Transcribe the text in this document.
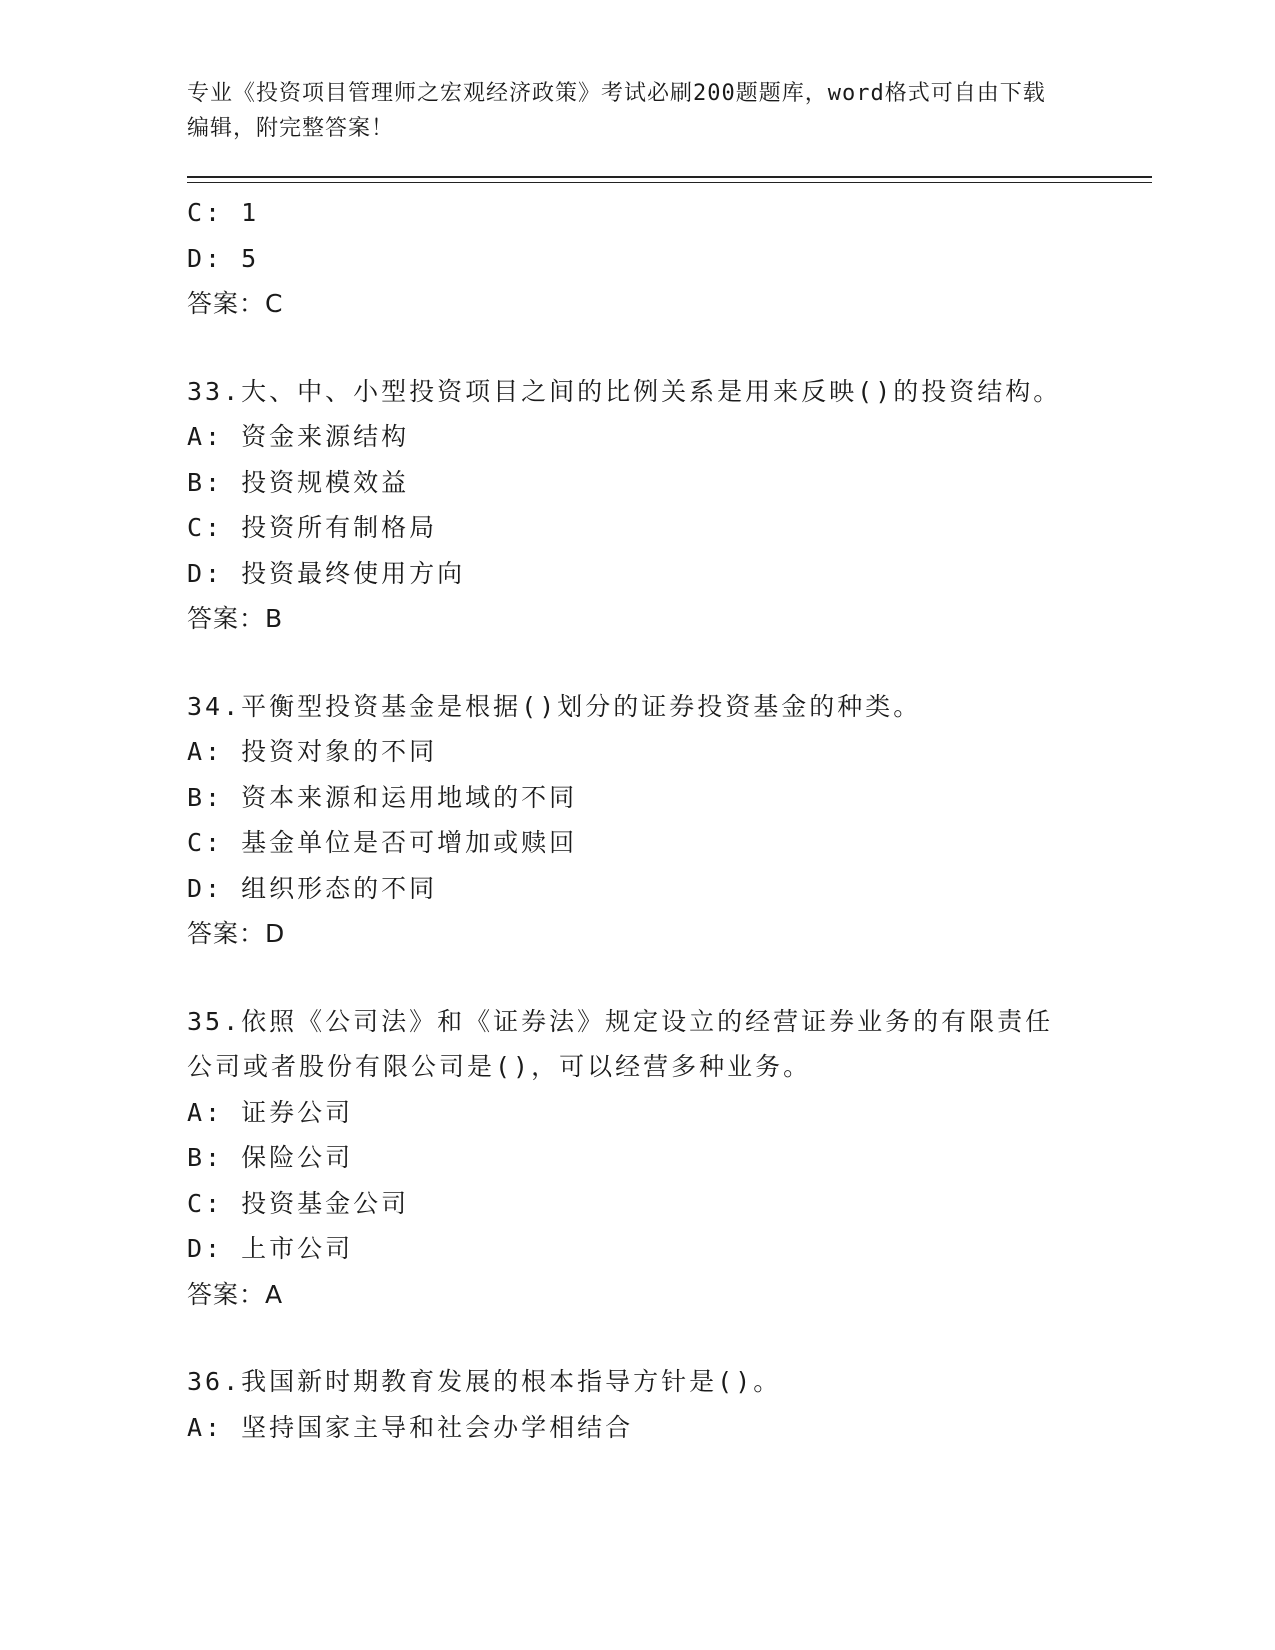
专业《投资项目管理师之宏观经济政策》考试必刷200题题库，word格式可自由下载编辑，附完整答案！
C: 1
D: 5
答案：C
33.大、中、小型投资项目之间的比例关系是用来反映()的投资结构。
A: 资金来源结构
B: 投资规模效益
C: 投资所有制格局
D: 投资最终使用方向
答案：B
34.平衡型投资基金是根据()划分的证券投资基金的种类。
A: 投资对象的不同
B: 资本来源和运用地域的不同
C: 基金单位是否可增加或赎回
D: 组织形态的不同
答案：D
35.依照《公司法》和《证券法》规定设立的经营证券业务的有限责任
公司或者股份有限公司是()，可以经营多种业务。
A: 证券公司
B: 保险公司
C: 投资基金公司
D: 上市公司
答案：A
36.我国新时期教育发展的根本指导方针是()。
A: 坚持国家主导和社会办学相结合
